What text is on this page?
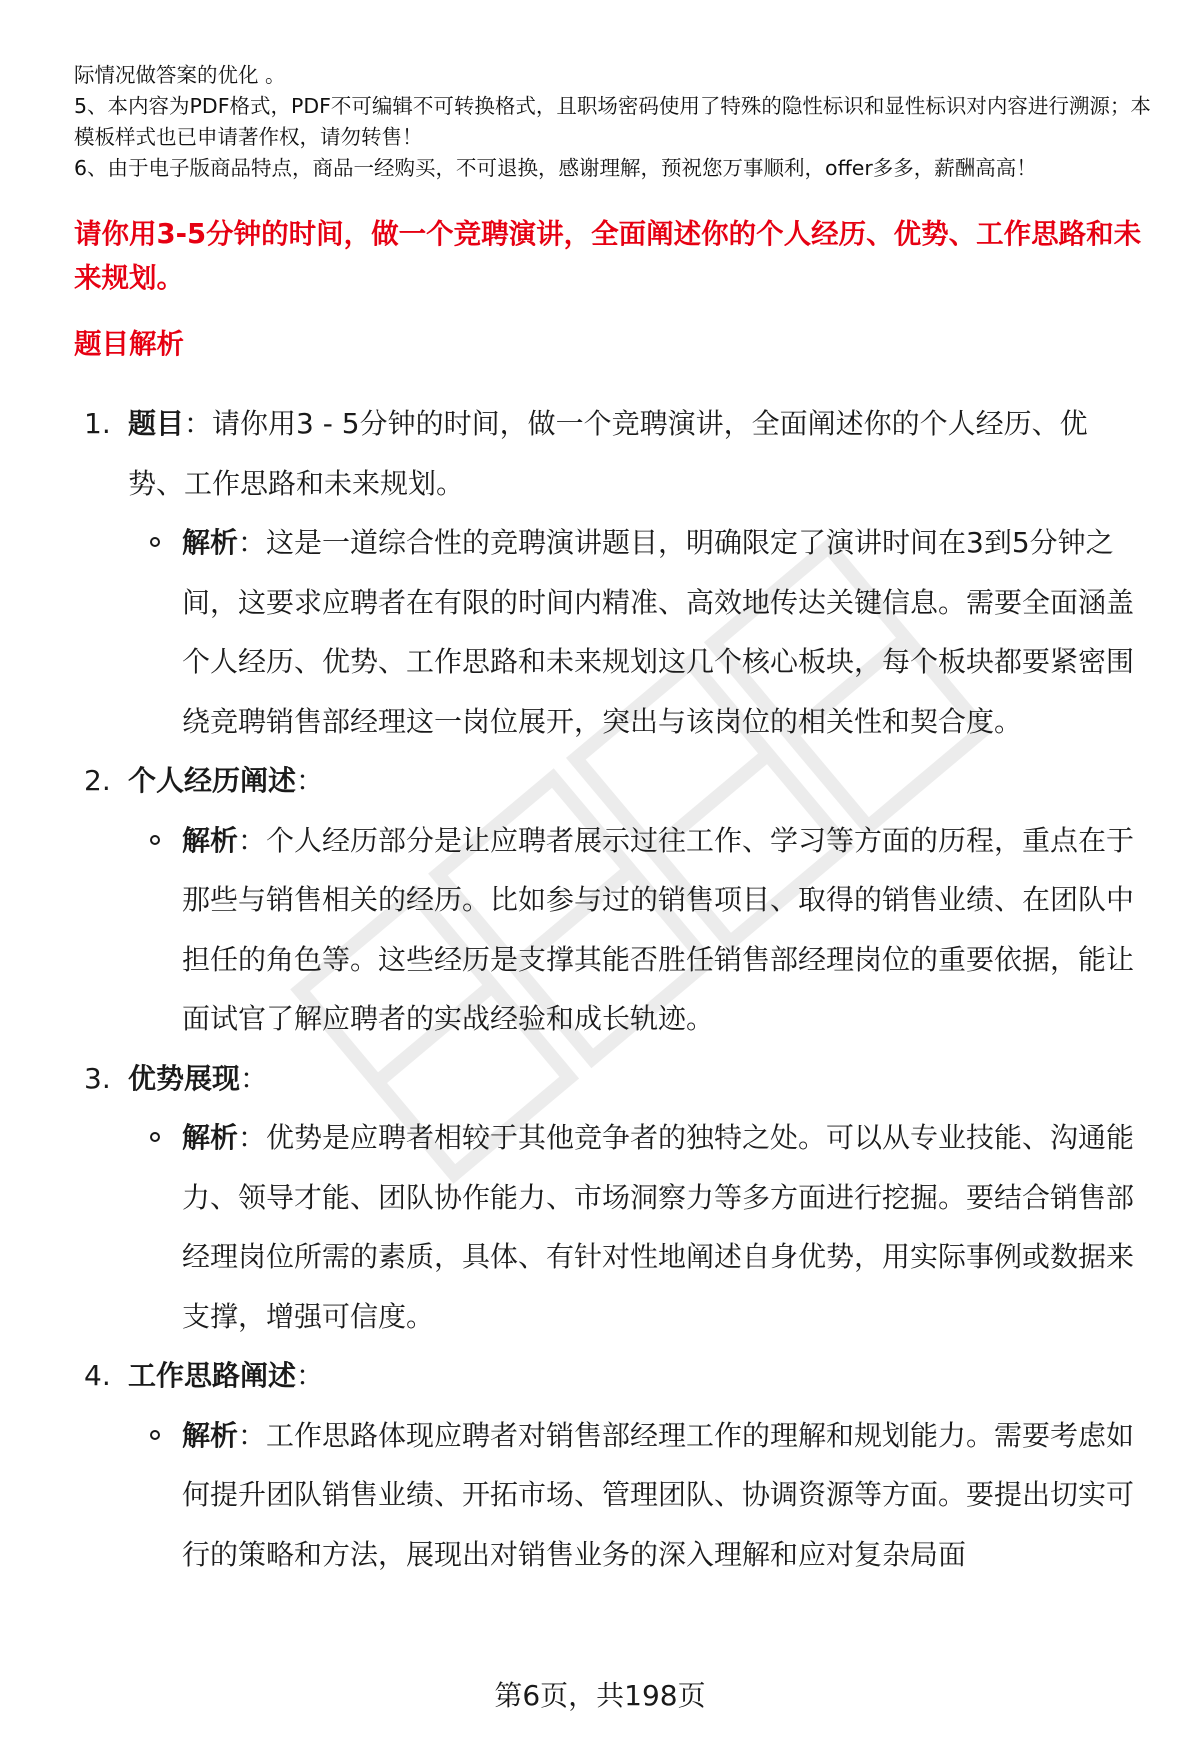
际情况做答案的优化 。

5、本内容为PDF格式，PDF不可编辑不可转换格式，且职场密码使用了特殊的隐性标识和显性标识对内容进行溯源；本模板样式也已申请著作权，请勿转售！

6、由于电子版商品特点，商品一经购买，不可退换，感谢理解，预祝您万事顺利，offer多多，薪酬高高！

请你用3-5分钟的时间，做一个竞聘演讲，全面阐述你的个人经历、优势、工作思路和未来规划。

题目解析

1. 题目：请你用3 - 5分钟的时间，做一个竞聘演讲，全面阐述你的个人经历、优势、工作思路和未来规划。
解析：这是一道综合性的竞聘演讲题目，明确限定了演讲时间在3到5分钟之间，这要求应聘者在有限的时间内精准、高效地传达关键信息。需要全面涵盖个人经历、优势、工作思路和未来规划这几个核心板块，每个板块都要紧密围绕竞聘销售部经理这一岗位展开，突出与该岗位的相关性和契合度。
2. 个人经历阐述：
解析：个人经历部分是让应聘者展示过往工作、学习等方面的历程，重点在于那些与销售相关的经历。比如参与过的销售项目、取得的销售业绩、在团队中担任的角色等。这些经历是支撑其能否胜任销售部经理岗位的重要依据，能让面试官了解应聘者的实战经验和成长轨迹。
3. 优势展现：
解析：优势是应聘者相较于其他竞争者的独特之处。可以从专业技能、沟通能力、领导才能、团队协作能力、市场洞察力等多方面进行挖掘。要结合销售部经理岗位所需的素质，具体、有针对性地阐述自身优势，用实际事例或数据来支撑，增强可信度。
4. 工作思路阐述：
解析：工作思路体现应聘者对销售部经理工作的理解和规划能力。需要考虑如何提升团队销售业绩、开拓市场、管理团队、协调资源等方面。要提出切实可行的策略和方法，展现出对销售业务的深入理解和应对复杂局面
第6页，共198页
